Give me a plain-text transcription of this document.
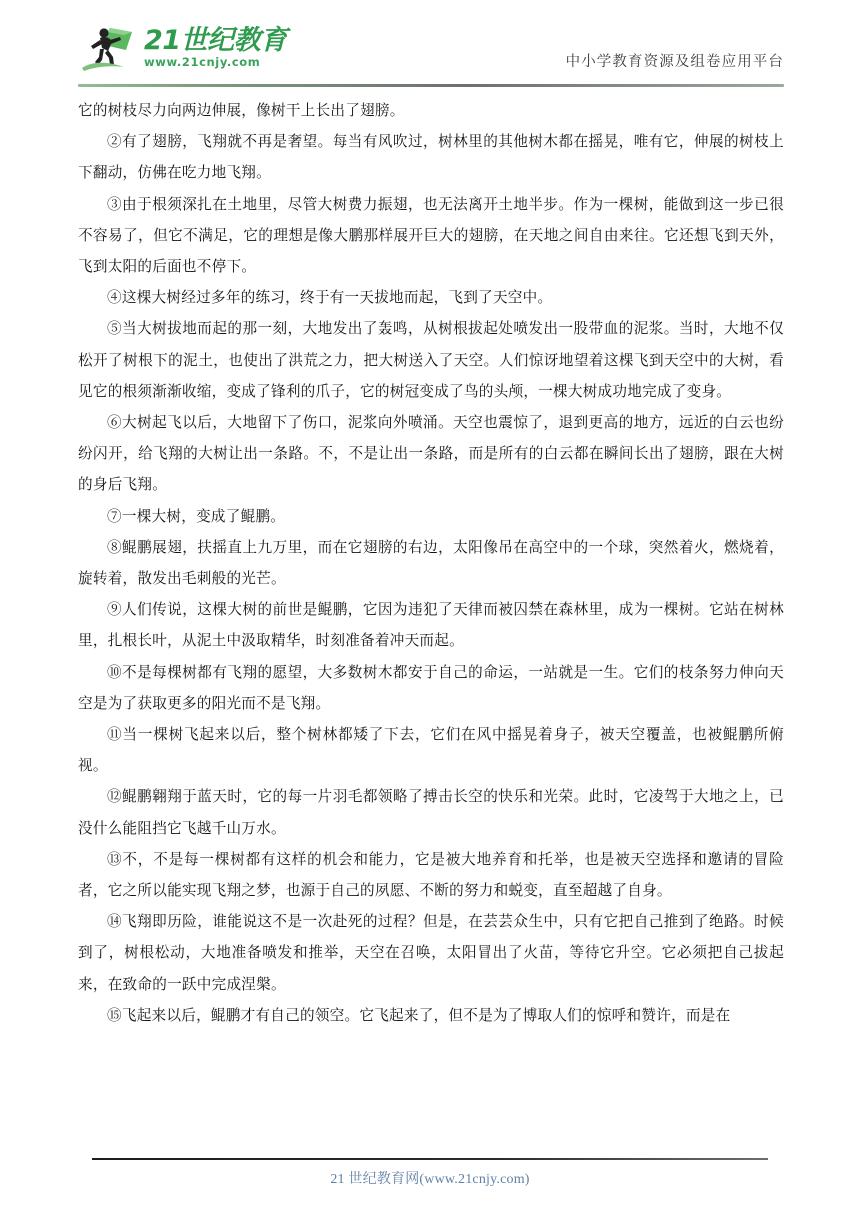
21世纪教育
www.21cnjy.com	中小学教育资源及组卷应用平台

它的树枝尽力向两边伸展，像树干上长出了翅膀。

②有了翅膀，飞翔就不再是奢望。每当有风吹过，树林里的其他树木都在摇晃，唯有它，伸展的树枝上下翻动，仿佛在吃力地飞翔。

③由于根须深扎在土地里，尽管大树费力振翅，也无法离开土地半步。作为一棵树，能做到这一步已很不容易了，但它不满足，它的理想是像大鹏那样展开巨大的翅膀，在天地之间自由来往。它还想飞到天外，飞到太阳的后面也不停下。

④这棵大树经过多年的练习，终于有一天拔地而起，飞到了天空中。

⑤当大树拔地而起的那一刻，大地发出了轰鸣，从树根拔起处喷发出一股带血的泥浆。当时，大地不仅松开了树根下的泥土，也使出了洪荒之力，把大树送入了天空。人们惊讶地望着这棵飞到天空中的大树，看见它的根须渐渐收缩，变成了锋利的爪子，它的树冠变成了鸟的头颅，一棵大树成功地完成了变身。

⑥大树起飞以后，大地留下了伤口，泥浆向外喷涌。天空也震惊了，退到更高的地方，远近的白云也纷纷闪开，给飞翔的大树让出一条路。不，不是让出一条路，而是所有的白云都在瞬间长出了翅膀，跟在大树的身后飞翔。

⑦一棵大树，变成了鲲鹏。

⑧鲲鹏展翅，扶摇直上九万里，而在它翅膀的右边，太阳像吊在高空中的一个球，突然着火，燃烧着，旋转着，散发出毛刺般的光芒。

⑨人们传说，这棵大树的前世是鲲鹏，它因为违犯了天律而被囚禁在森林里，成为一棵树。它站在树林里，扎根长叶，从泥土中汲取精华，时刻准备着冲天而起。

⑩不是每棵树都有飞翔的愿望，大多数树木都安于自己的命运，一站就是一生。它们的枝条努力伸向天空是为了获取更多的阳光而不是飞翔。

⑪当一棵树飞起来以后，整个树林都矮了下去，它们在风中摇晃着身子，被天空覆盖，也被鲲鹏所俯视。

⑫鲲鹏翱翔于蓝天时，它的每一片羽毛都领略了搏击长空的快乐和光荣。此时，它凌驾于大地之上，已没什么能阻挡它飞越千山万水。

⑬不，不是每一棵树都有这样的机会和能力，它是被大地养育和托举，也是被天空选择和邀请的冒险者，它之所以能实现飞翔之梦，也源于自己的夙愿、不断的努力和蜕变，直至超越了自身。

⑭飞翔即历险，谁能说这不是一次赴死的过程？但是，在芸芸众生中，只有它把自己推到了绝路。时候到了，树根松动，大地准备喷发和推举，天空在召唤，太阳冒出了火苗，等待它升空。它必须把自己拔起来，在致命的一跃中完成涅槃。

⑮飞起来以后，鲲鹏才有自己的领空。它飞起来了，但不是为了博取人们的惊呼和赞许，而是在

21 世纪教育网(www.21cnjy.com)
